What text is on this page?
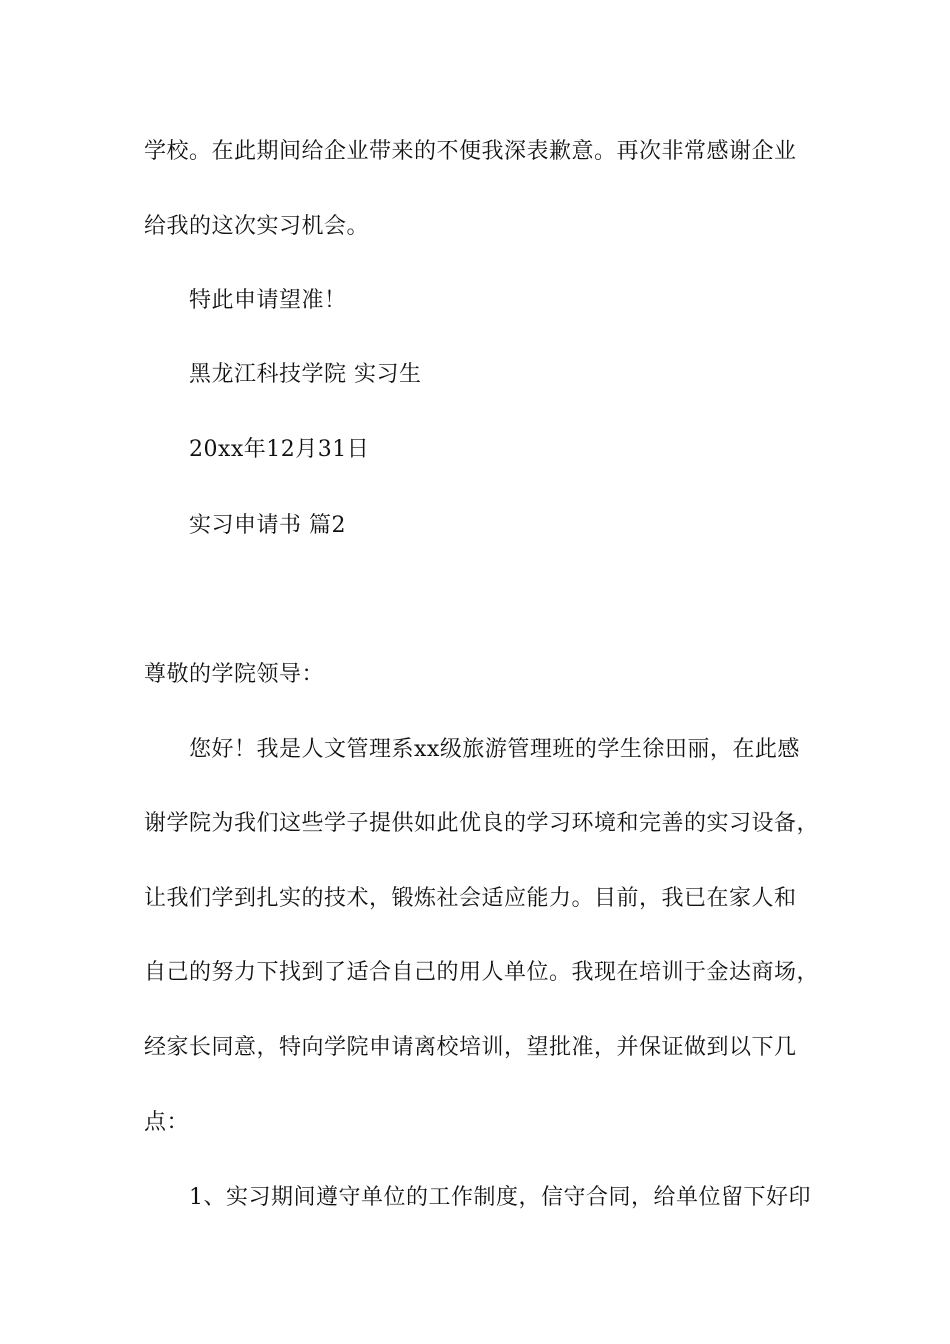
学校。在此期间给企业带来的不便我深表歉意。再次非常感谢企业
给我的这次实习机会。
特此申请望准！
黑龙江科技学院 实习生
20xx年12月31日
实习申请书 篇2
尊敬的学院领导：
您好！我是人文管理系xx级旅游管理班的学生徐田丽，在此感
谢学院为我们这些学子提供如此优良的学习环境和完善的实习设备，
让我们学到扎实的技术，锻炼社会适应能力。目前，我已在家人和
自己的努力下找到了适合自己的用人单位。我现在培训于金达商场，
经家长同意，特向学院申请离校培训，望批准，并保证做到以下几
点：
1、实习期间遵守单位的工作制度，信守合同，给单位留下好印
